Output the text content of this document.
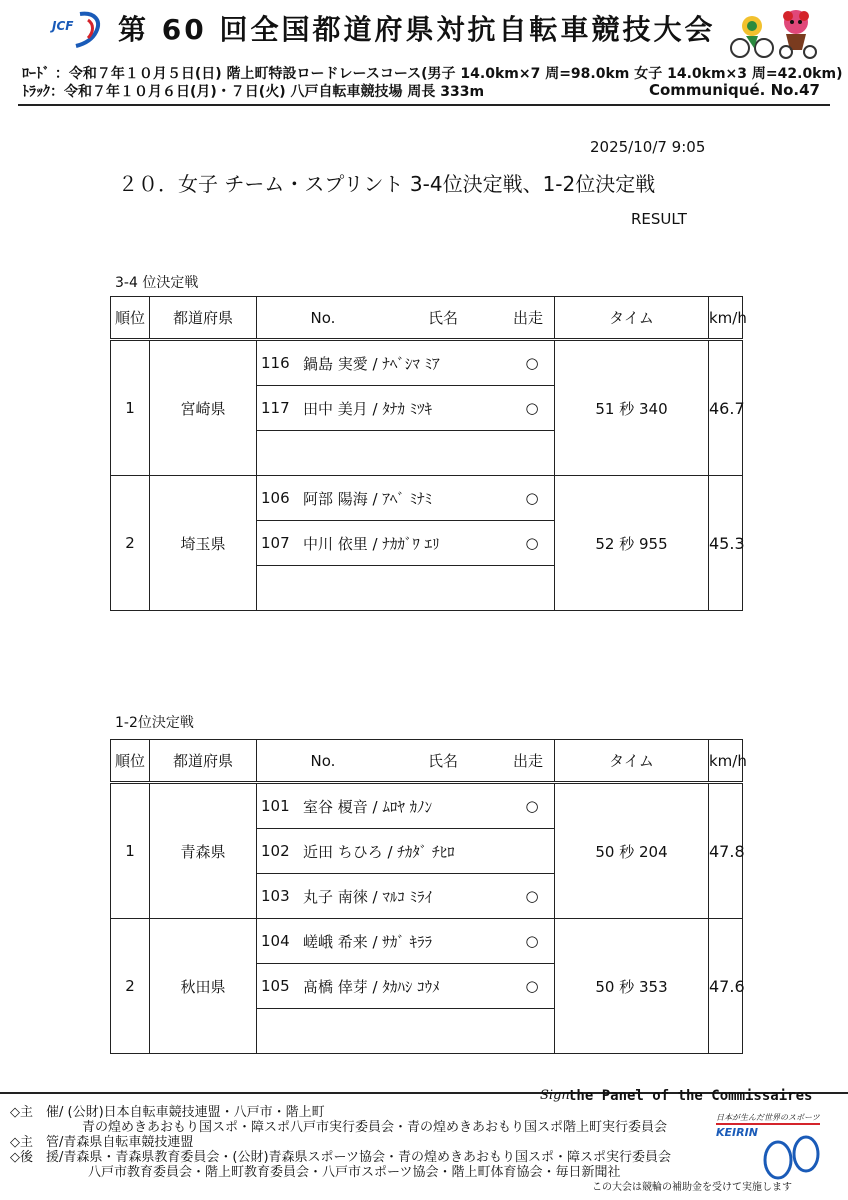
JCF 第 60 回全国都道府県対抗自転車競技大会
ﾛｰﾄﾞ ：令和７年１０月５日(日) 階上町特設ロードレースコース(男子 14.0km×7 周=98.0km 女子 14.0km×3 周=42.0km)
ﾄﾗｯｸ：令和７年１０月６日(月)・７日(火) 八戸自転車競技場 周長 333m	Communiqué. No.47
2025/10/7 9:05
２０．女子 チーム・スプリント 3-4位決定戦、1-2位決定戦
RESULT
3-4 位決定戦
Sign
the Panel of the Commissaires
◇主　催/ (公財)日本自転車競技連盟・八戸市・階上町
青の煌めきあおもり国スポ・障スポ八戸市実行委員会・青の煌めきあおもり国スポ階上町実行委員会
◇主　管/青森県自転車競技連盟
◇後　援/青森県・青森県教育委員会・(公財)青森県スポーツ協会・青の煌めきあおもり国スポ・障スポ実行委員会
八戸市教育委員会・階上町教育委員会・八戸市スポーツ協会・階上町体育協会・毎日新聞社
日本が生んだ世界のスポーツ
KEIRIN
この大会は競輪の補助金を受けて実施します
順位	都道府県	No. 氏名 出走	タイム	km/h
1	宮崎県	116 鍋島 実愛 / ﾅﾍﾞｼﾏ ﾐｱ ○	51 秒 340	46.7

		117 田中 美月 / ﾀﾅｶ ﾐﾂｷ ○		

2	埼玉県	106 阿部 陽海 / ｱﾍﾞ ﾐﾅﾐ ○	52 秒 955	45.3

		107 中川 依里 / ﾅｶｶﾞﾜ ｴﾘ ○		

1-2位決定戦
順位	都道府県	No. 氏名 出走	タイム	km/h
1	青森県	101 室谷 榎音 / ﾑﾛﾔ ｶﾉﾝ ○	50 秒 204	47.8

		102 近田 ちひろ / ﾁｶﾀﾞ ﾁﾋﾛ		

		103 丸子 南徠 / ﾏﾙｺ ﾐﾗｲ ○		

2	秋田県	104 嵯峨 希来 / ｻｶﾞ ｷﾗﾗ ○	50 秒 353	47.6

		105 髙橋 倖芽 / ﾀｶﾊｼ ｺｳﾒ ○		
